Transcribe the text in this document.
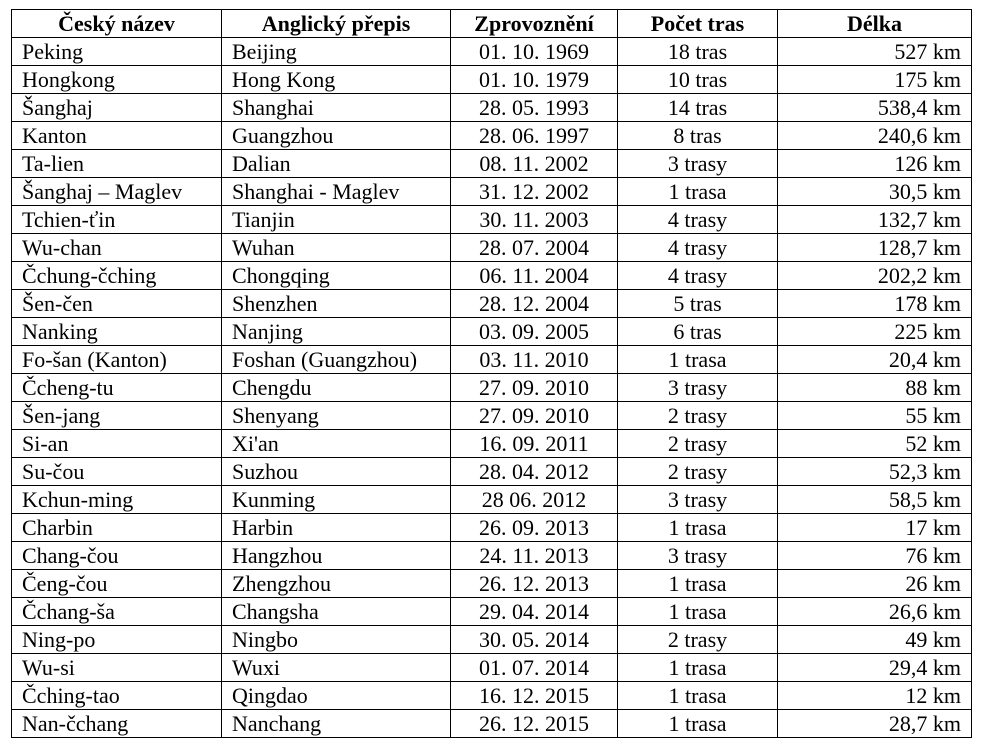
Český název	Anglický přepis	Zprovoznění	Počet tras	Délka
Peking	Beijing	01. 10. 1969	18 tras	527 km
Hongkong	Hong Kong	01. 10. 1979	10 tras	175 km
Šanghaj	Shanghai	28. 05. 1993	14 tras	538,4 km
Kanton	Guangzhou	28. 06. 1997	8 tras	240,6 km
Ta-lien	Dalian	08. 11. 2002	3 trasy	126 km
Šanghaj – Maglev	Shanghai - Maglev	31. 12. 2002	1 trasa	30,5 km
Tchien-ťin	Tianjin	30. 11. 2003	4 trasy	132,7 km
Wu-chan	Wuhan	28. 07. 2004	4 trasy	128,7 km
Čchung-čching	Chongqing	06. 11. 2004	4 trasy	202,2 km
Šen-čen	Shenzhen	28. 12. 2004	5 tras	178 km
Nanking	Nanjing	03. 09. 2005	6 tras	225 km
Fo-šan (Kanton)	Foshan (Guangzhou)	03. 11. 2010	1 trasa	20,4 km
Čcheng-tu	Chengdu	27. 09. 2010	3 trasy	88 km
Šen-jang	Shenyang	27. 09. 2010	2 trasy	55 km
Si-an	Xi'an	16. 09. 2011	2 trasy	52 km
Su-čou	Suzhou	28. 04. 2012	2 trasy	52,3 km
Kchun-ming	Kunming	28 06. 2012	3 trasy	58,5 km
Charbin	Harbin	26. 09. 2013	1 trasa	17 km
Chang-čou	Hangzhou	24. 11. 2013	3 trasy	76 km
Čeng-čou	Zhengzhou	26. 12. 2013	1 trasa	26 km
Čchang-ša	Changsha	29. 04. 2014	1 trasa	26,6 km
Ning-po	Ningbo	30. 05. 2014	2 trasy	49 km
Wu-si	Wuxi	01. 07. 2014	1 trasa	29,4 km
Čching-tao	Qingdao	16. 12. 2015	1 trasa	12 km
Nan-čchang	Nanchang	26. 12. 2015	1 trasa	28,7 km
